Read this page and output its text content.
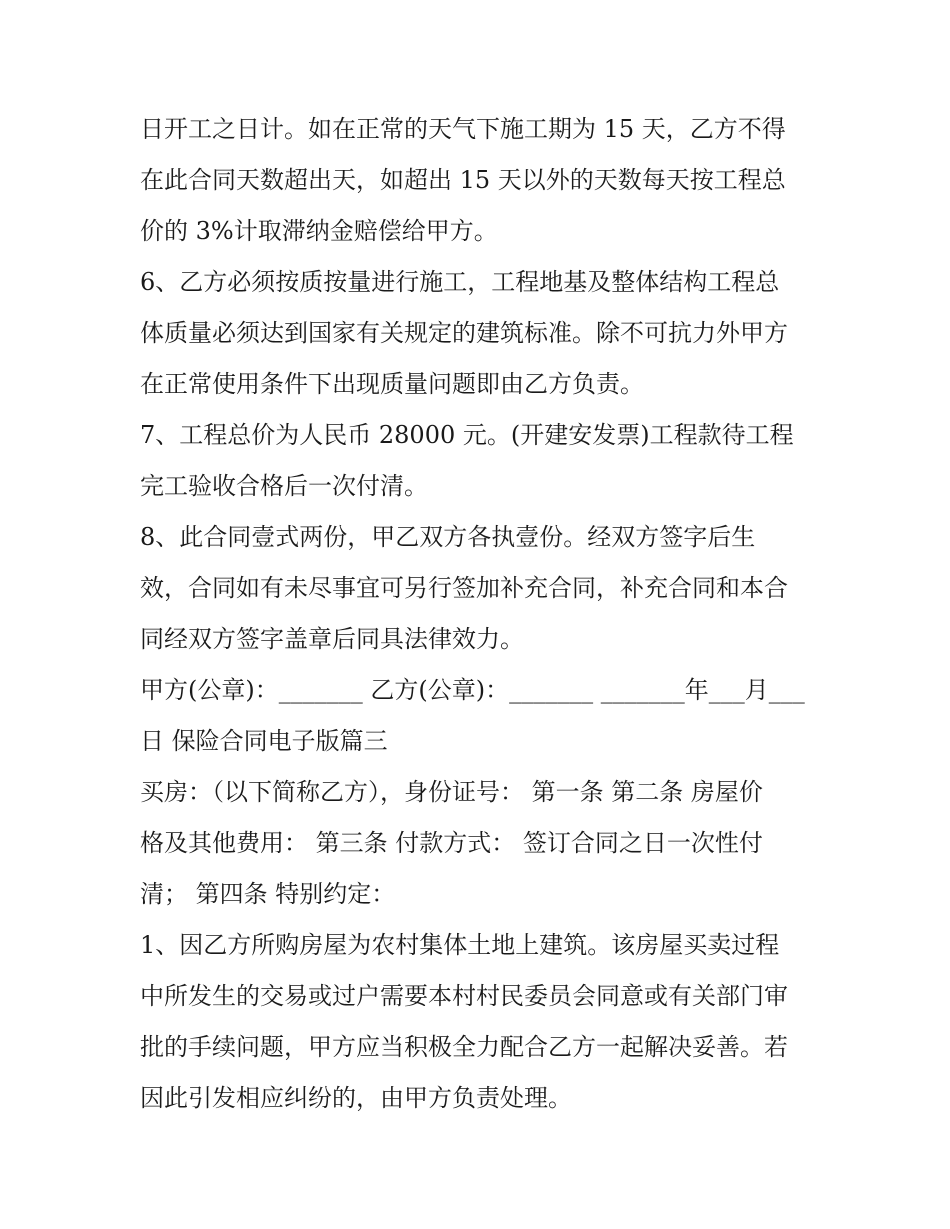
日开工之日计。如在正常的天气下施工期为 15 天，乙方不得
在此合同天数超出天，如超出 15 天以外的天数每天按工程总
价的 3%计取滞纳金赔偿给甲方。
6、乙方必须按质按量进行施工，工程地基及整体结构工程总
体质量必须达到国家有关规定的建筑标准。除不可抗力外甲方
在正常使用条件下出现质量问题即由乙方负责。
7、工程总价为人民币 28000 元。(开建安发票)工程款待工程
完工验收合格后一次付清。
8、此合同壹式两份，甲乙双方各执壹份。经双方签字后生
效，合同如有未尽事宜可另行签加补充合同，补充合同和本合
同经双方签字盖章后同具法律效力。
甲方(公章)：_______ 乙方(公章)：_______ _______年___月___
日 保险合同电子版篇三
买房：（以下简称乙方），身份证号： 第一条 第二条 房屋价
格及其他费用： 第三条 付款方式： 签订合同之日一次性付
清； 第四条 特别约定：
1、因乙方所购房屋为农村集体土地上建筑。该房屋买卖过程
中所发生的交易或过户需要本村村民委员会同意或有关部门审
批的手续问题，甲方应当积极全力配合乙方一起解决妥善。若
因此引发相应纠纷的，由甲方负责处理。
